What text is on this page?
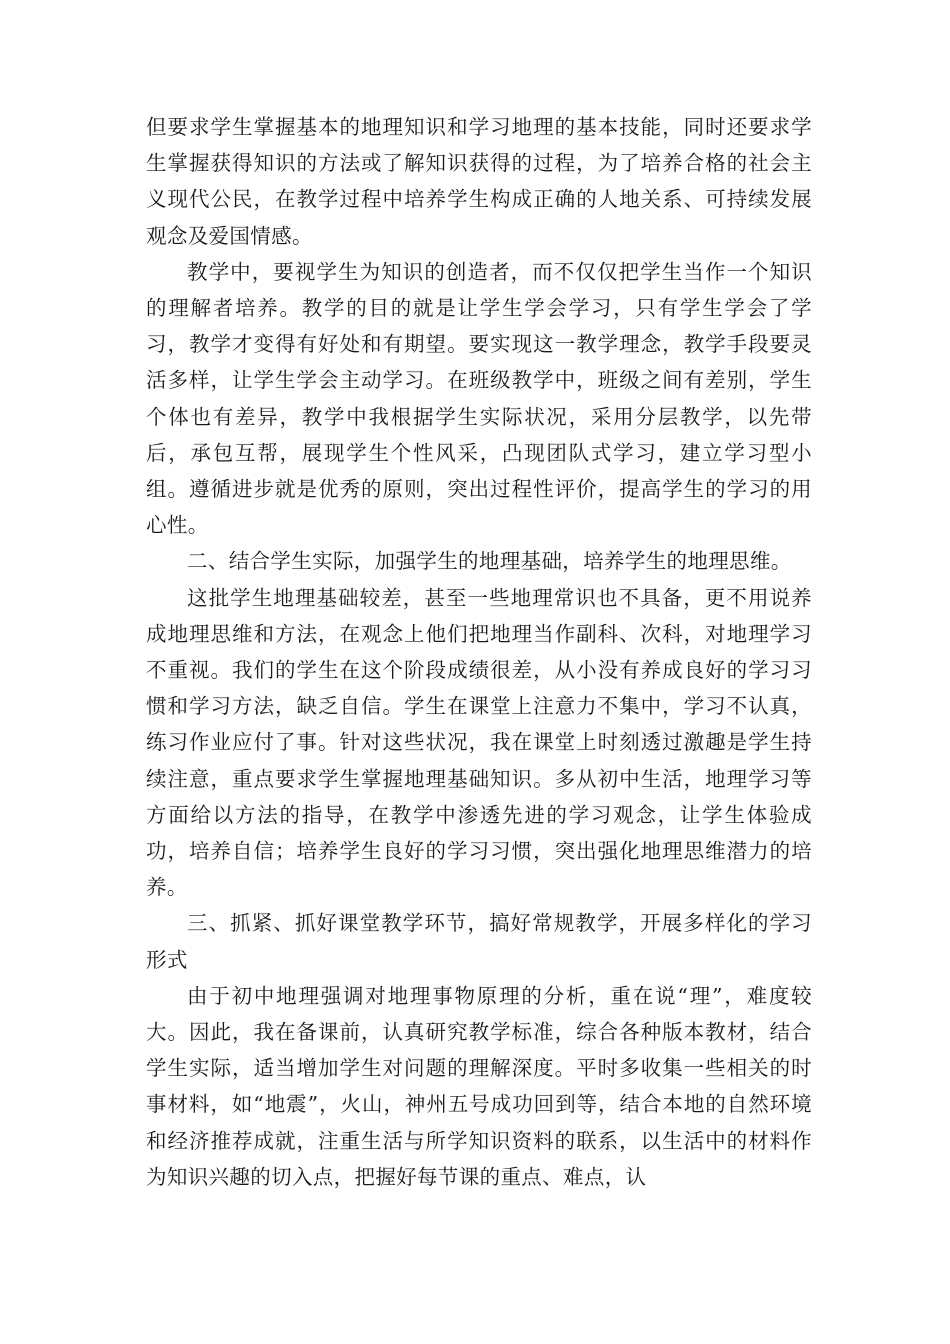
但要求学生掌握基本的地理知识和学习地理的基本技能，同时还要求学生掌握获得知识的方法或了解知识获得的过程，为了培养合格的社会主义现代公民，在教学过程中培养学生构成正确的人地关系、可持续发展观念及爱国情感。

教学中，要视学生为知识的创造者，而不仅仅把学生当作一个知识的理解者培养。教学的目的就是让学生学会学习，只有学生学会了学习，教学才变得有好处和有期望。要实现这一教学理念，教学手段要灵活多样，让学生学会主动学习。在班级教学中，班级之间有差别，学生个体也有差异，教学中我根据学生实际状况，采用分层教学，以先带后，承包互帮，展现学生个性风采，凸现团队式学习，建立学习型小组。遵循进步就是优秀的原则，突出过程性评价，提高学生的学习的用心性。

二、结合学生实际，加强学生的地理基础，培养学生的地理思维。

这批学生地理基础较差，甚至一些地理常识也不具备，更不用说养成地理思维和方法，在观念上他们把地理当作副科、次科，对地理学习不重视。我们的学生在这个阶段成绩很差，从小没有养成良好的学习习惯和学习方法，缺乏自信。学生在课堂上注意力不集中，学习不认真，练习作业应付了事。针对这些状况，我在课堂上时刻透过激趣是学生持续注意，重点要求学生掌握地理基础知识。多从初中生活，地理学习等方面给以方法的指导，在教学中渗透先进的学习观念，让学生体验成功，培养自信；培养学生良好的学习习惯，突出强化地理思维潜力的培养。

三、抓紧、抓好课堂教学环节，搞好常规教学，开展多样化的学习形式

由于初中地理强调对地理事物原理的分析，重在说“理”，难度较大。因此，我在备课前，认真研究教学标准，综合各种版本教材，结合学生实际，适当增加学生对问题的理解深度。平时多收集一些相关的时事材料，如“地震”，火山，神州五号成功回到等，结合本地的自然环境和经济推荐成就，注重生活与所学知识资料的联系，以生活中的材料作为知识兴趣的切入点，把握好每节课的重点、难点，认
